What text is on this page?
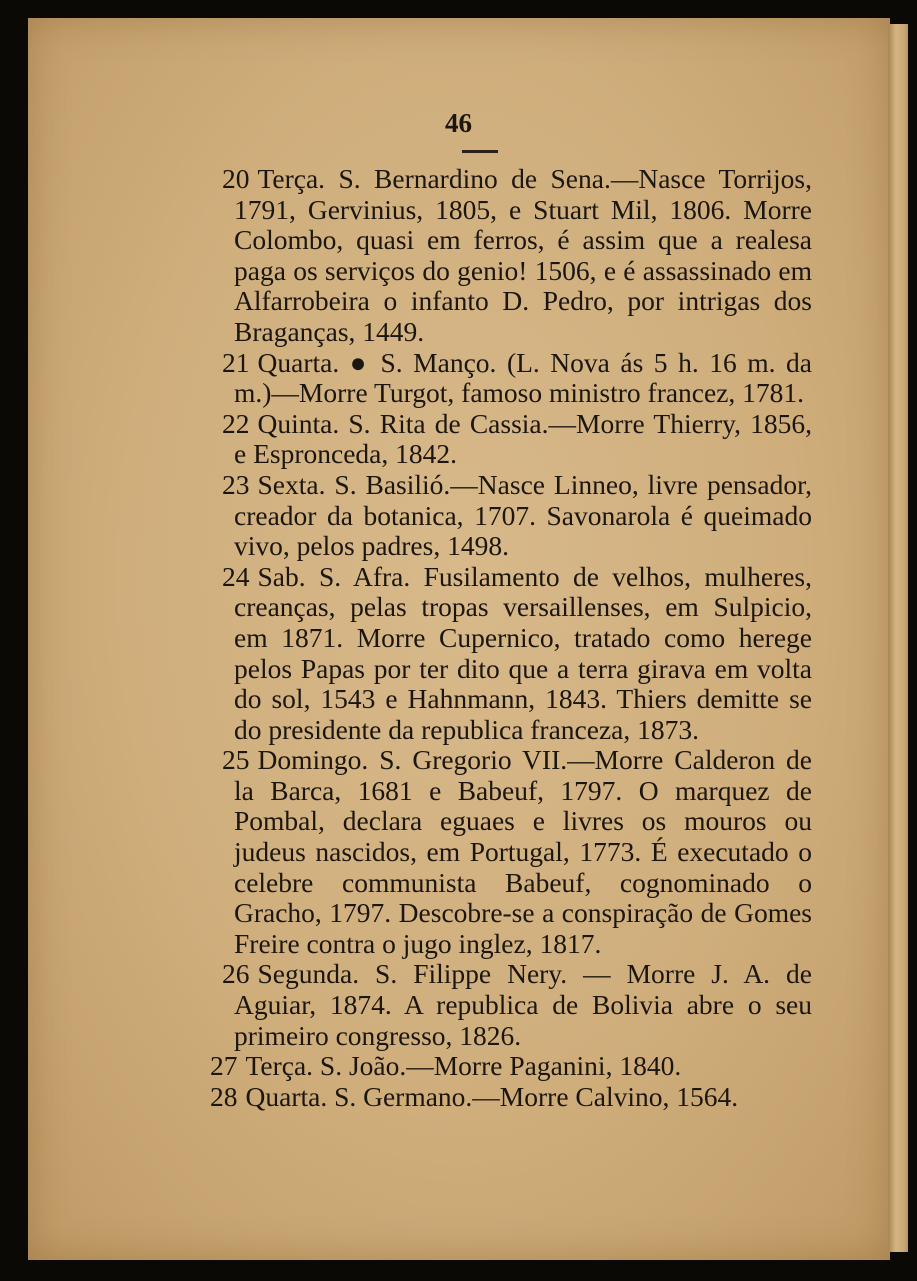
46

20 Terça. S. Bernardino de Sena.—Nasce Torrijos, 1791, Gervinius, 1805, e Stuart Mil, 1806. Morre Colombo, quasi em ferros, é assim que a realesa paga os serviços do genio! 1506, e é assassinado em Alfarrobeira o infanto D. Pedro, por intrigas dos Braganças, 1449.

21 Quarta. ● S. Mançο. (L. Nova ás 5 h. 16 m. da m.)—Morre Turgot, famoso ministro francez, 1781.

22 Quinta. S. Rita de Cassia.—Morre Thierry, 1856, e Espronceda, 1842.

23 Sexta. S. Basilió.—Nasce Linneo, livre pensador, creador da botanica, 1707. Savonarola é queimado vivo, pelos padres, 1498.

24 Sab. S. Afra. Fusilamento de velhos, mulheres, creanças, pelas tropas versaillenses, em Sulpicio, em 1871. Morre Cupernico, tratado como herege pelos Papas por ter dito que a terra girava em volta do sol, 1543 e Hahnmann, 1843. Thiers demitte se do presidente da republica franceza, 1873.

25 Domingo. S. Gregorio VII.—Morre Calderon de la Barca, 1681 e Babeuf, 1797. O marquez de Pombal, declara eguaes e livres os mouros ou judeus nascidos, em Portugal, 1773. É executado o celebre communista Babeuf, cognominado o Gracho, 1797. Descobre-se a conspiração de Gomes Freire contra o jugo inglez, 1817.

26 Segunda. S. Filippe Nery. — Morre J. A. de Aguiar, 1874. A republica de Bolivia abre o seu primeiro congresso, 1826.

27 Terça. S. João.—Morre Paganini, 1840.

28 Quarta. S. Germano.—Morre Calvino, 1564.
